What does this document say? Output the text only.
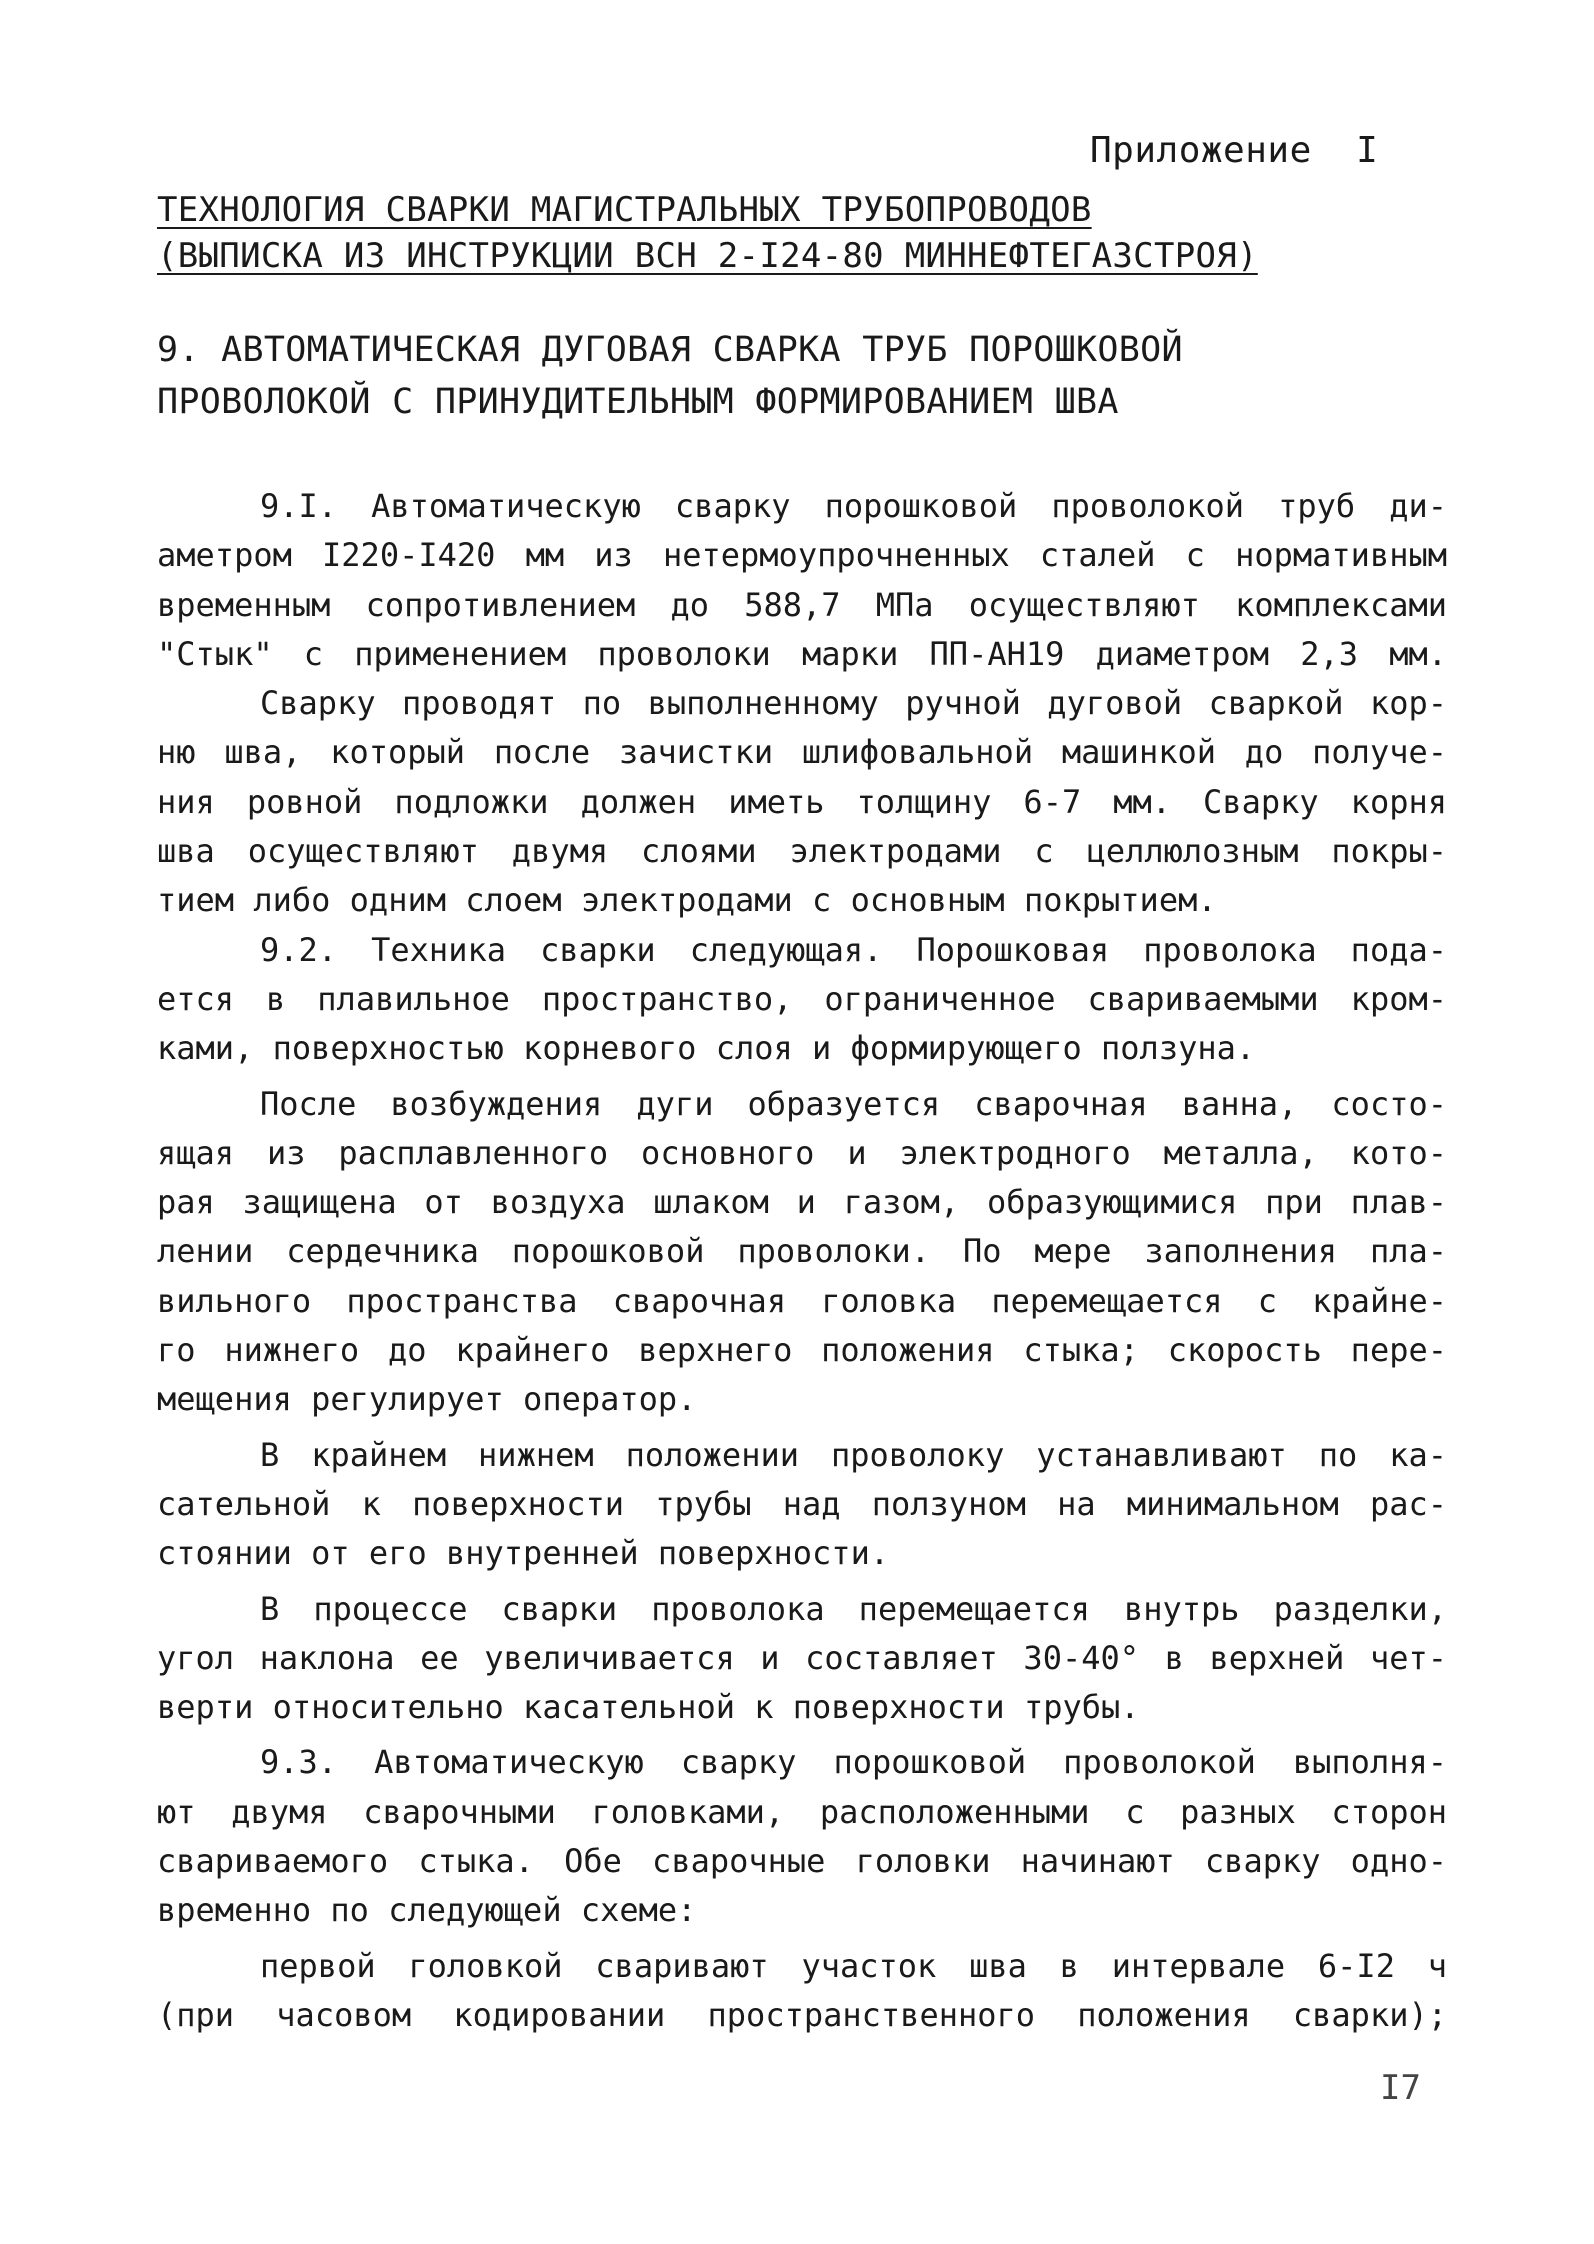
Приложение  I
ТЕХНОЛОГИЯ СВАРКИ МАГИСТРАЛЬНЫХ ТРУБОПРОВОДОВ
(ВЫПИСКА ИЗ ИНСТРУКЦИИ ВСН 2-I24-80 МИННЕФТЕГАЗСТРОЯ)
9. АВТОМАТИЧЕСКАЯ ДУГОВАЯ СВАРКА ТРУБ ПОРОШКОВОЙ
ПРОВОЛОКОЙ С ПРИНУДИТЕЛЬНЫМ ФОРМИРОВАНИЕМ ШВА
9.I. Автоматическую сварку порошковой проволокой труб ди-
аметром I220-I420 мм из нетермоупрочненных сталей с нормативным
временным сопротивлением до 588,7 МПа осуществляют комплексами
"Стык" с применением проволоки марки ПП-АН19 диаметром 2,3 мм.
Сварку проводят по выполненному ручной дуговой сваркой кор-
ню шва, который после зачистки шлифовальной машинкой до получе-
ния ровной подложки должен иметь толщину 6-7 мм. Сварку корня
шва осуществляют двумя слоями электродами с целлюлозным покры-
тием либо одним слоем электродами с основным покрытием.
9.2. Техника сварки следующая. Порошковая проволока пода-
ется в плавильное пространство, ограниченное свариваемыми кром-
ками, поверхностью корневого слоя и формирующего ползуна.
После возбуждения дуги образуется сварочная ванна, состо-
ящая из расплавленного основного и электродного металла, кото-
рая защищена от воздуха шлаком и газом, образующимися при плав-
лении сердечника порошковой проволоки. По мере заполнения пла-
вильного пространства сварочная головка перемещается с крайне-
го нижнего до крайнего верхнего положения стыка; скорость пере-
мещения регулирует оператор.
В крайнем нижнем положении проволоку устанавливают по ка-
сательной к поверхности трубы над ползуном на минимальном рас-
стоянии от его внутренней поверхности.
В процессе сварки проволока перемещается внутрь разделки,
угол наклона ее увеличивается и составляет 30-40° в верхней чет-
верти относительно касательной к поверхности трубы.
9.3. Автоматическую сварку порошковой проволокой выполня-
ют двумя сварочными головками, расположенными с разных сторон
свариваемого стыка. Обе сварочные головки начинают сварку одно-
временно по следующей схеме:
первой головкой сваривают участок шва в интервале 6-I2 ч
(при часовом кодировании пространственного положения сварки);
I7
